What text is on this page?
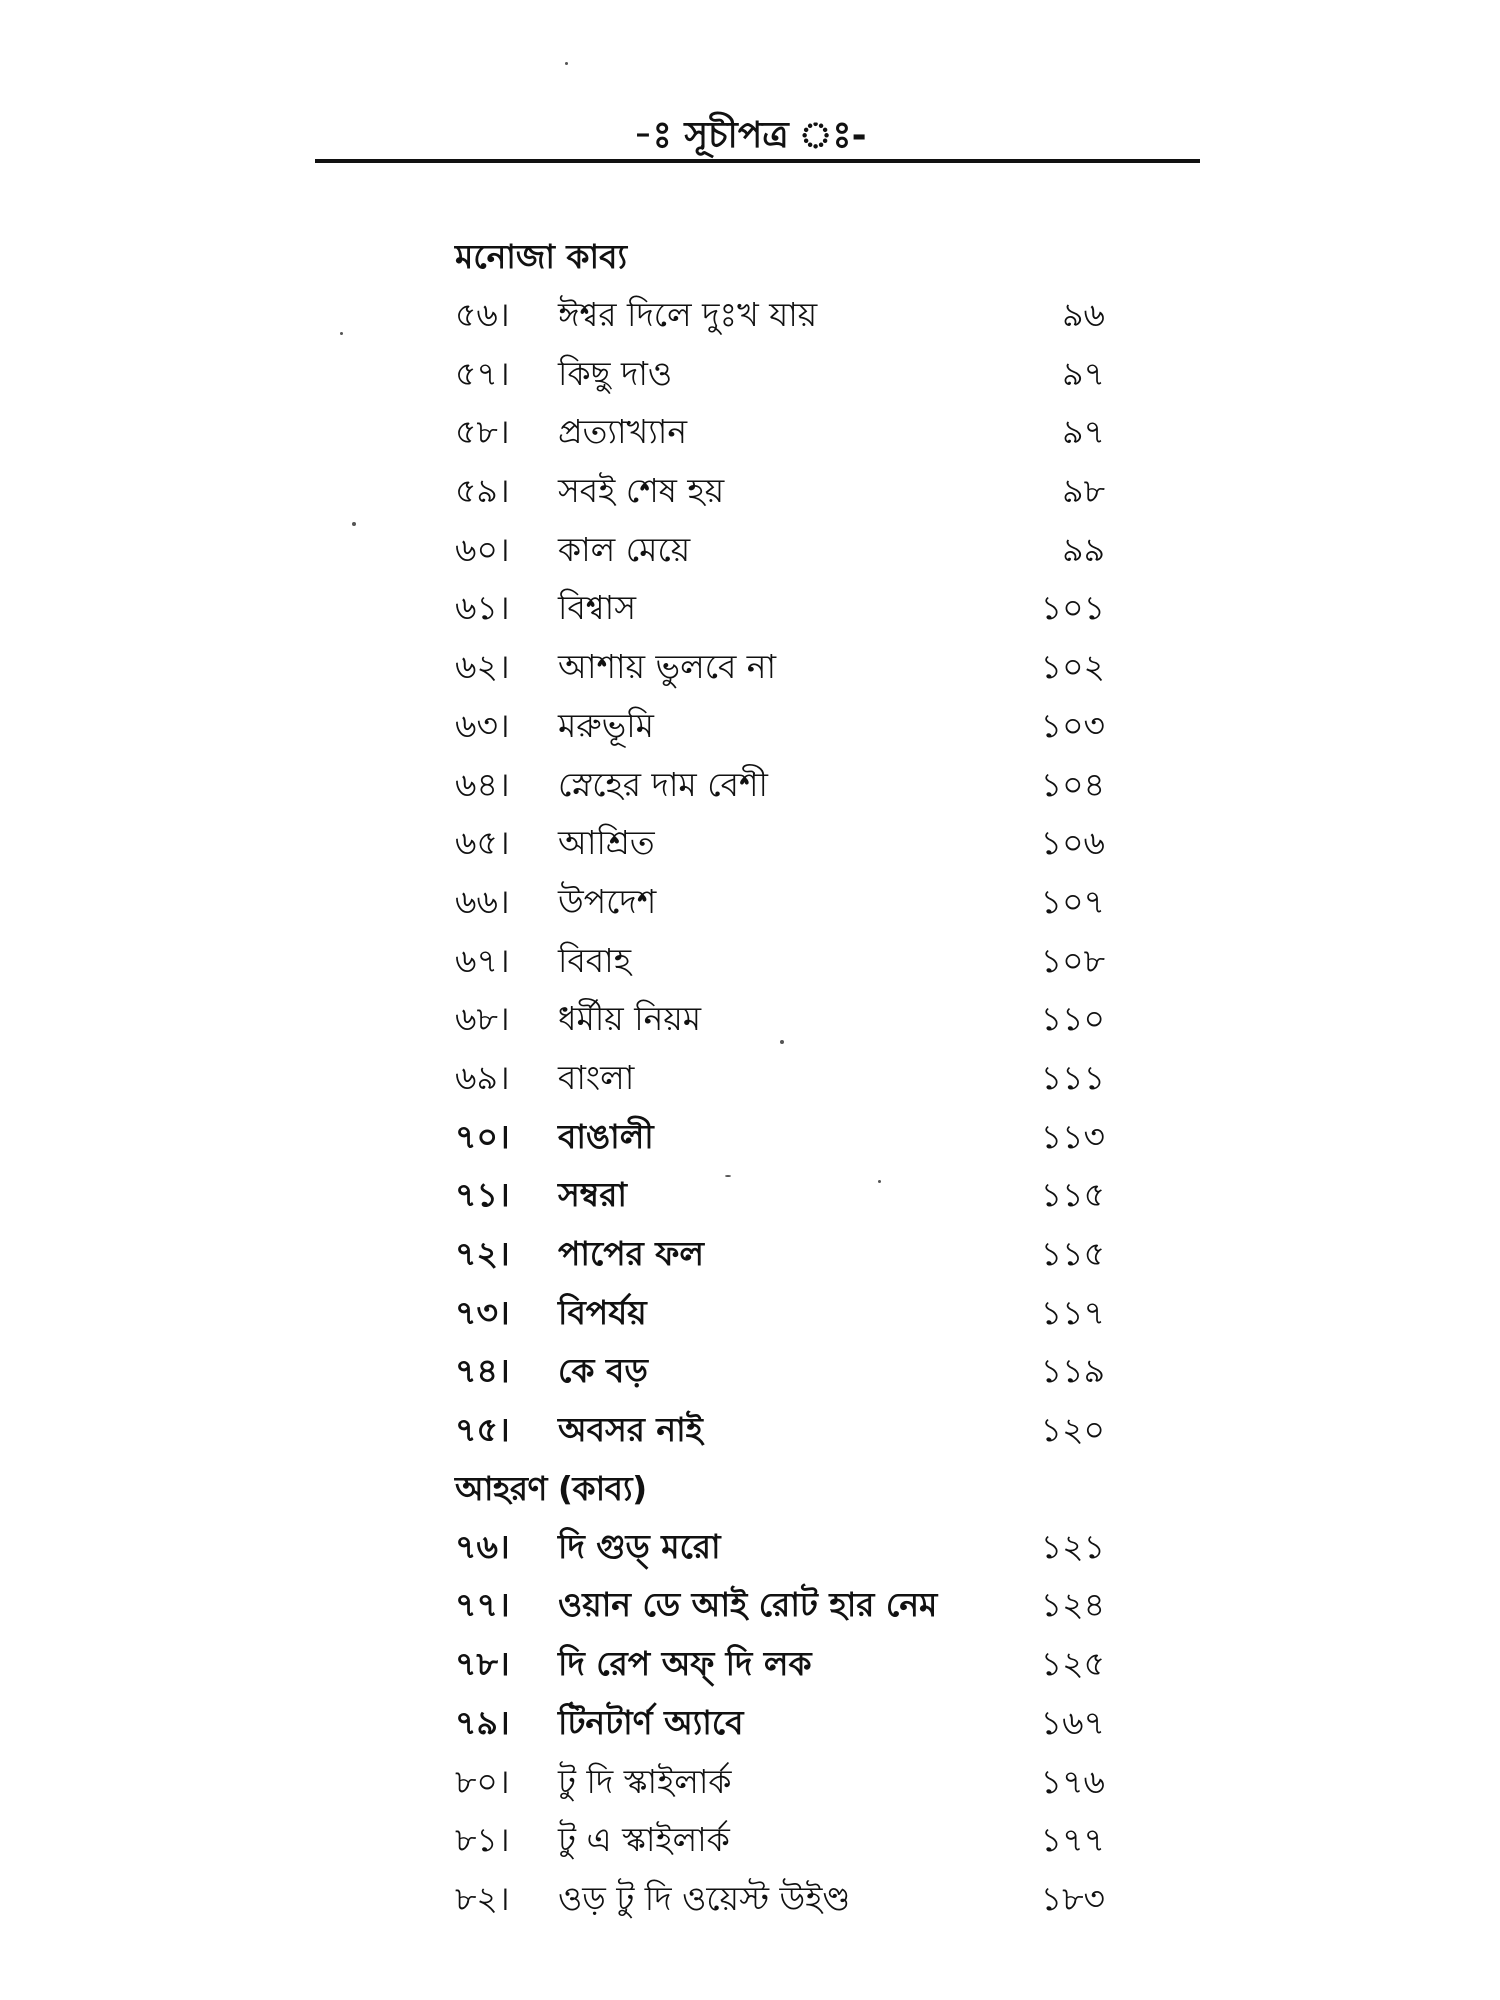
-ঃ সূচীপত্র ঃ-
মনোজা কাব্য
৫৬।	ঈশ্বর দিলে দুঃখ যায়	৯৬
৫৭।	কিছু দাও	৯৭
৫৮।	প্রত্যাখ্যান	৯৭
৫৯।	সবই শেষ হয়	৯৮
৬০।	কাল মেয়ে	৯৯
৬১।	বিশ্বাস	১০১
৬২।	আশায় ভুলবে না	১০২
৬৩।	মরুভূমি	১০৩
৬৪।	স্নেহের দাম বেশী	১০৪
৬৫।	আশ্রিত	১০৬
৬৬।	উপদেশ	১০৭
৬৭।	বিবাহ	১০৮
৬৮।	ধর্মীয় নিয়ম	১১০
৬৯।	বাংলা	১১১
৭০।	বাঙালী	১১৩
৭১।	সম্বরা	১১৫
৭২।	পাপের ফল	১১৫
৭৩।	বিপর্যয়	১১৭
৭৪।	কে বড়	১১৯
৭৫।	অবসর নাই	১২০
আহরণ (কাব্য)
৭৬।	দি গুড্ মরো	১২১
৭৭।	ওয়ান ডে আই রোট হার নেম	১২৪
৭৮।	দি রেপ অফ্ দি লক	১২৫
৭৯।	টিনটার্ণ অ্যাবে	১৬৭
৮০।	টু দি স্কাইলার্ক	১৭৬
৮১।	টু এ স্কাইলার্ক	১৭৭
৮২।	ওড় টু দি ওয়েস্ট উইণ্ড	১৮৩
